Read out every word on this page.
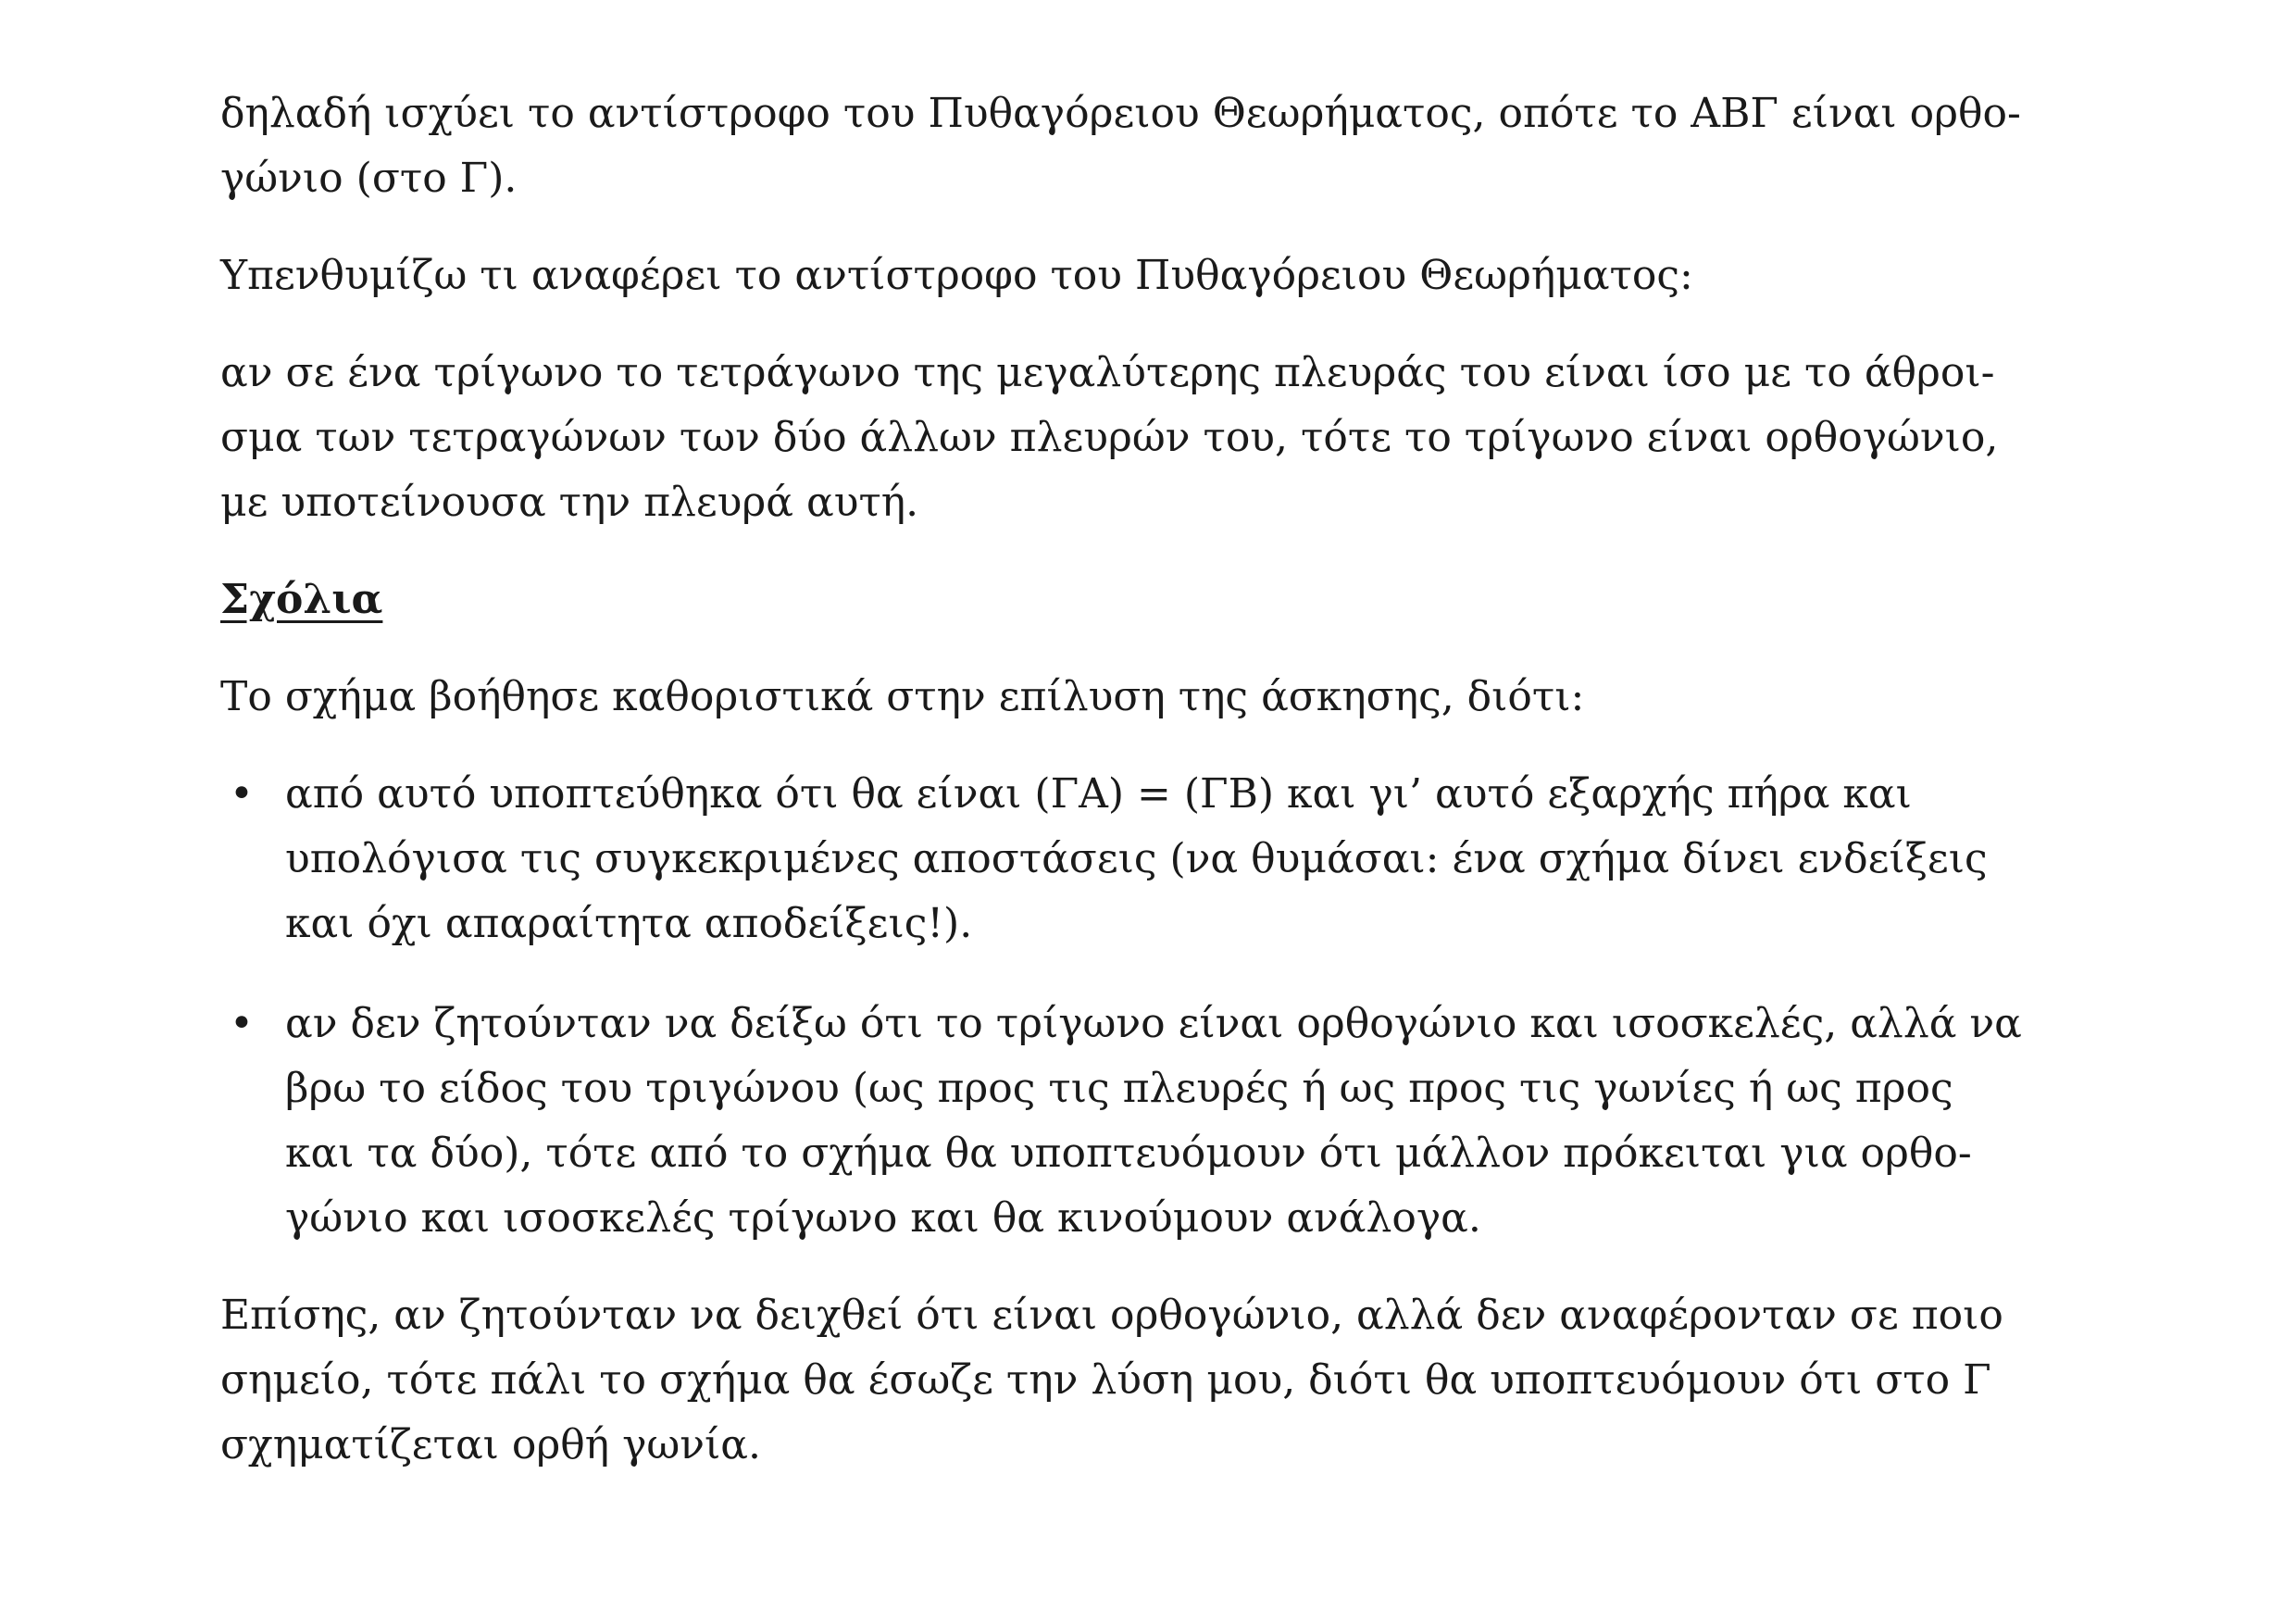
δηλαδή ισχύει το αντίστροφο του Πυθαγόρειου Θεωρήματος, οπότε το ΑΒΓ είναι ορθο-
γώνιο (στο Γ).

Υπενθυμίζω τι αναφέρει το αντίστροφο του Πυθαγόρειου Θεωρήματος:

αν σε ένα τρίγωνο το τετράγωνο της μεγαλύτερης πλευράς του είναι ίσο με το άθροι-
σμα των τετραγώνων των δύο άλλων πλευρών του, τότε το τρίγωνο είναι ορθογώνιο,
με υποτείνουσα την πλευρά αυτή.

Σχόλια

Το σχήμα βοήθησε καθοριστικά στην επίλυση της άσκησης, διότι:

• από αυτό υποπτεύθηκα ότι θα είναι (ΓΑ) = (ΓΒ) και γι’ αυτό εξαρχής πήρα και
υπολόγισα τις συγκεκριμένες αποστάσεις (να θυμάσαι: ένα σχήμα δίνει ενδείξεις
και όχι απαραίτητα αποδείξεις!).
• αν δεν ζητούνταν να δείξω ότι το τρίγωνο είναι ορθογώνιο και ισοσκελές, αλλά να
βρω το είδος του τριγώνου (ως προς τις πλευρές ή ως προς τις γωνίες ή ως προς
και τα δύο), τότε από το σχήμα θα υποπτευόμουν ότι μάλλον πρόκειται για ορθο-
γώνιο και ισοσκελές τρίγωνο και θα κινούμουν ανάλογα.

Επίσης, αν ζητούνταν να δειχθεί ότι είναι ορθογώνιο, αλλά δεν αναφέρονταν σε ποιο
σημείο, τότε πάλι το σχήμα θα έσωζε την λύση μου, διότι θα υποπτευόμουν ότι στο Γ
σχηματίζεται ορθή γωνία.
